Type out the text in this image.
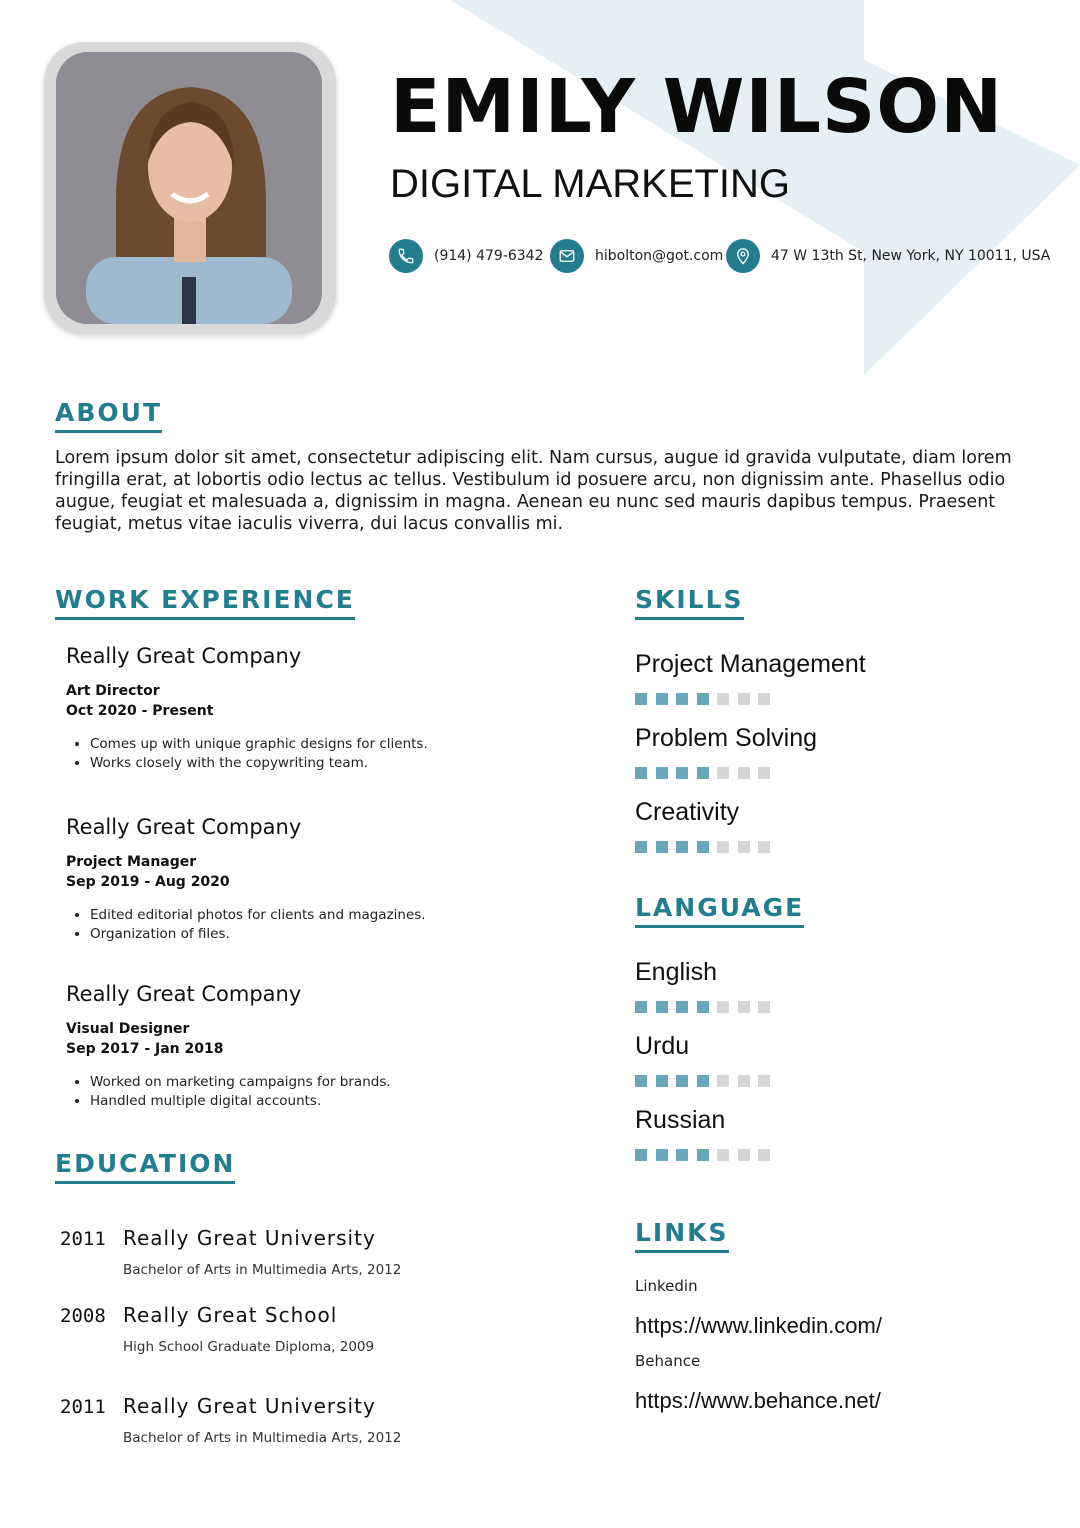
EMILY WILSON
DIGITAL MARKETING
(914) 479-6342	hibolton@got.com	47 W 13th St, New York, NY 10011, USA
ABOUT
Lorem ipsum dolor sit amet, consectetur adipiscing elit. Nam cursus, augue id gravida vulputate, diam lorem fringilla erat, at lobortis odio lectus ac tellus. Vestibulum id posuere arcu, non dignissim ante. Phasellus odio augue, feugiat et malesuada a, dignissim in magna. Aenean eu nunc sed mauris dapibus tempus. Praesent feugiat, metus vitae iaculis viverra, dui lacus convallis mi.
WORK EXPERIENCE
Really Great Company
Art Director
Oct 2020 - Present
• Comes up with unique graphic designs for clients.
• Works closely with the copywriting team.
Really Great Company
Project Manager
Sep 2019 - Aug 2020
• Edited editorial photos for clients and magazines.
• Organization of files.
Really Great Company
Visual Designer
Sep 2017 - Jan 2018
• Worked on marketing campaigns for brands.
• Handled multiple digital accounts.
EDUCATION
2011 Really Great University
Bachelor of Arts in Multimedia Arts, 2012
2008 Really Great School
High School Graduate Diploma, 2009
2011 Really Great University
Bachelor of Arts in Multimedia Arts, 2012
SKILLS
Project Management
Problem Solving
Creativity
LANGUAGE
English
Urdu
Russian
LINKS
Linkedin
https://www.linkedin.com/
Behance
https://www.behance.net/
